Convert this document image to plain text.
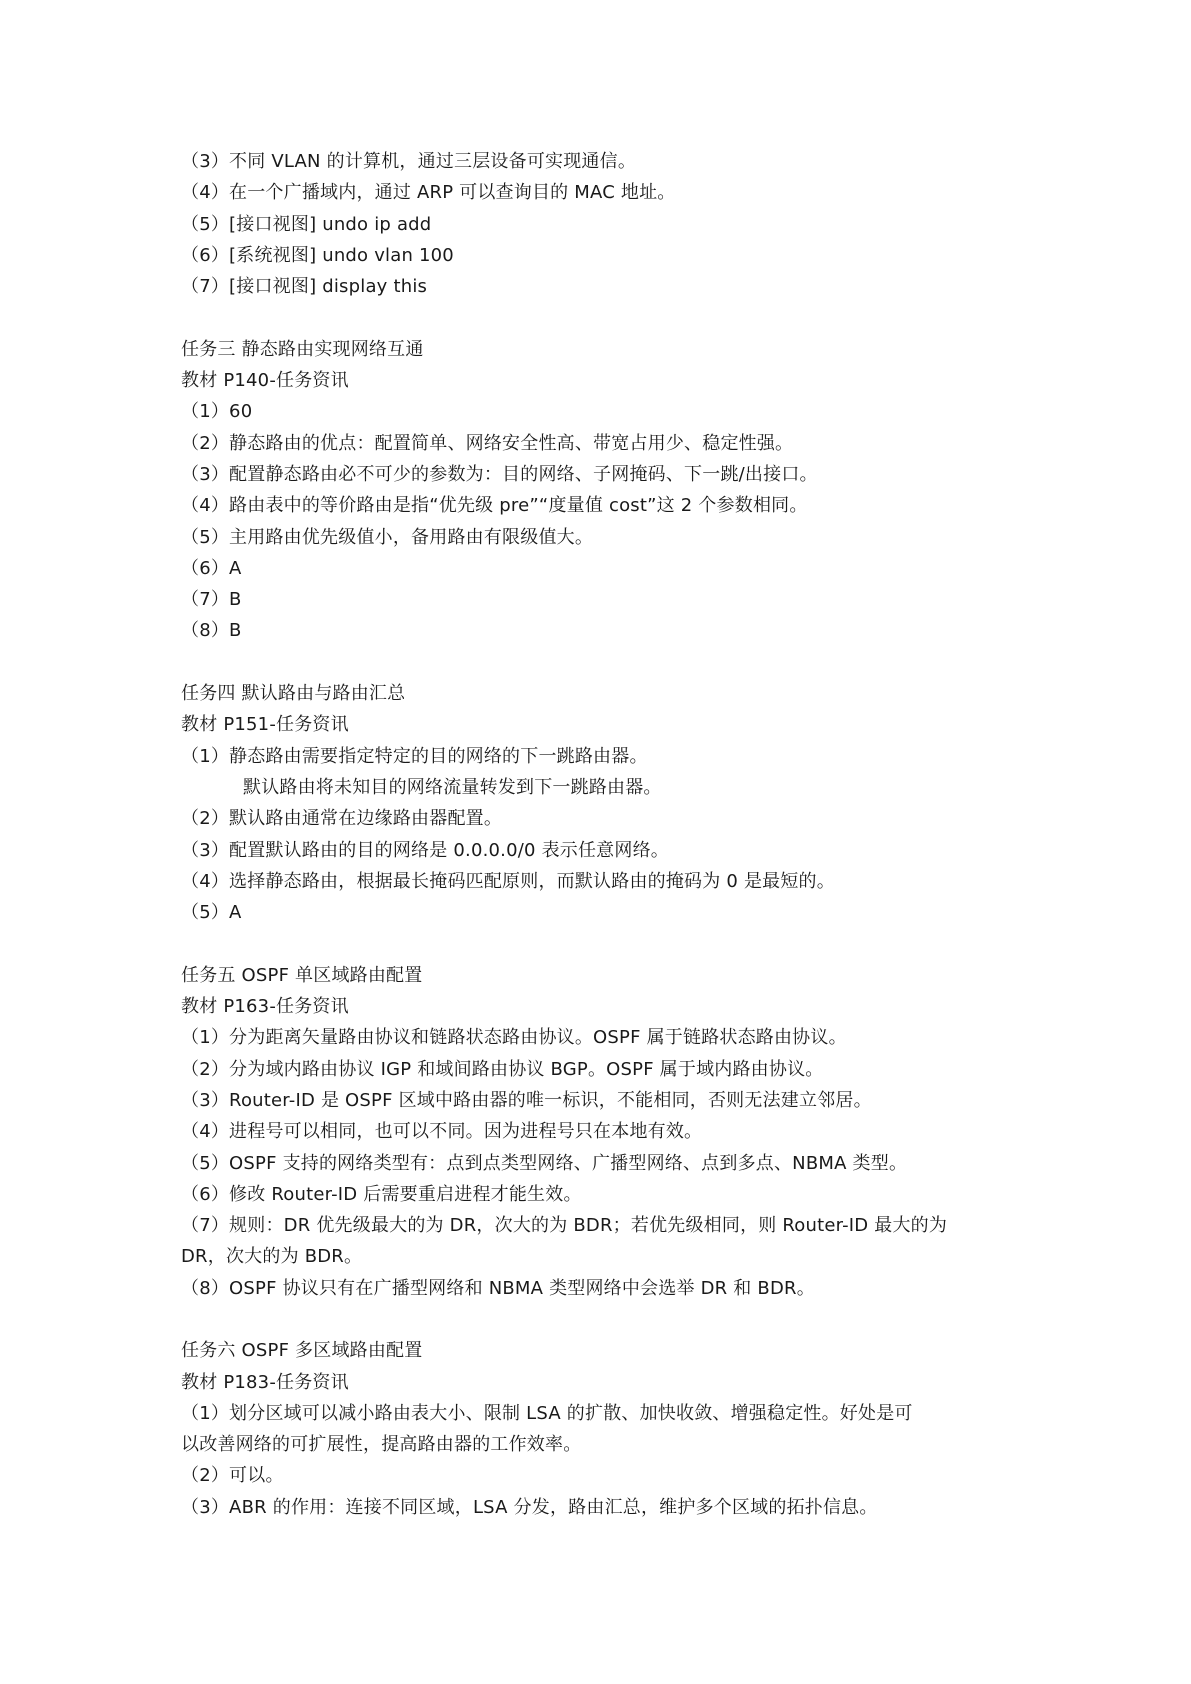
（3）不同 VLAN 的计算机，通过三层设备可实现通信。
（4）在一个广播域内，通过 ARP 可以查询目的 MAC 地址。
（5）[接口视图] undo ip add
（6）[系统视图] undo vlan 100
（7）[接口视图] display this
任务三 静态路由实现网络互通
教材 P140-任务资讯
（1）60
（2）静态路由的优点：配置简单、网络安全性高、带宽占用少、稳定性强。
（3）配置静态路由必不可少的参数为：目的网络、子网掩码、下一跳/出接口。
（4）路由表中的等价路由是指“优先级 pre”“度量值 cost”这 2 个参数相同。
（5）主用路由优先级值小，备用路由有限级值大。
（6）A
（7）B
（8）B
任务四 默认路由与路由汇总
教材 P151-任务资讯
（1）静态路由需要指定特定的目的网络的下一跳路由器。
默认路由将未知目的网络流量转发到下一跳路由器。
（2）默认路由通常在边缘路由器配置。
（3）配置默认路由的目的网络是 0.0.0.0/0 表示任意网络。
（4）选择静态路由，根据最长掩码匹配原则，而默认路由的掩码为 0 是最短的。
（5）A
任务五 OSPF 单区域路由配置
教材 P163-任务资讯
（1）分为距离矢量路由协议和链路状态路由协议。OSPF 属于链路状态路由协议。
（2）分为域内路由协议 IGP 和域间路由协议 BGP。OSPF 属于域内路由协议。
（3）Router-ID 是 OSPF 区域中路由器的唯一标识，不能相同，否则无法建立邻居。
（4）进程号可以相同，也可以不同。因为进程号只在本地有效。
（5）OSPF 支持的网络类型有：点到点类型网络、广播型网络、点到多点、NBMA 类型。
（6）修改 Router-ID 后需要重启进程才能生效。
（7）规则：DR 优先级最大的为 DR，次大的为 BDR；若优先级相同，则 Router-ID 最大的为
DR，次大的为 BDR。
（8）OSPF 协议只有在广播型网络和 NBMA 类型网络中会选举 DR 和 BDR。
任务六 OSPF 多区域路由配置
教材 P183-任务资讯
（1）划分区域可以减小路由表大小、限制 LSA 的扩散、加快收敛、增强稳定性。好处是可
以改善网络的可扩展性，提高路由器的工作效率。
（2）可以。
（3）ABR 的作用：连接不同区域，LSA 分发，路由汇总，维护多个区域的拓扑信息。
